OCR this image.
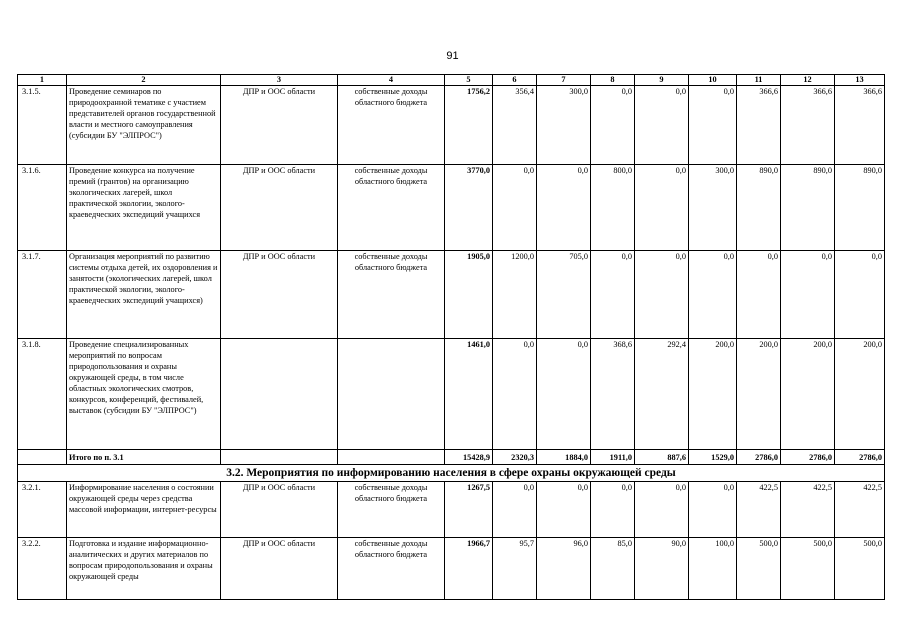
91
1	2	3	4	5	6	7	8	9	10	11	12	13
3.1.5.	Проведение семинаров по природоохранной тематике с участием представителей органов государственной власти и местного самоуправления (субсидии БУ "ЭЛПРОС")	ДПР и ООС области	собственные доходы областного бюджета	1756,2	356,4	300,0	0,0	0,0	0,0	366,6	366,6	366,6
3.1.6.	Проведение конкурса на получение премий (грантов) на организацию экологических лагерей, школ практической экологии, эколого-краеведческих экспедиций учащихся	ДПР и ООС области	собственные доходы областного бюджета	3770,0	0,0	0,0	800,0	0,0	300,0	890,0	890,0	890,0
3.1.7.	Организация мероприятий по развитию системы отдыха детей, их оздоровления и занятости (экологических лагерей, школ практической экологии, эколого-краеведческих экспедиций учащихся)	ДПР и ООС области	собственные доходы областного бюджета	1905,0	1200,0	705,0	0,0	0,0	0,0	0,0	0,0	0,0
3.1.8.	Проведение специализированных мероприятий по вопросам природопользования и охраны окружающей среды, в том числе областных экологических смотров, конкурсов, конференций, фестивалей, выставок (субсидии БУ "ЭЛПРОС")			1461,0	0,0	0,0	368,6	292,4	200,0	200,0	200,0	200,0
	Итого по п. 3.1			15428,9	2320,3	1884,0	1911,0	887,6	1529,0	2786,0	2786,0	2786,0
3.2. Мероприятия по информированию населения в сфере охраны окружающей среды												
3.2.1.	Информирование населения о состоянии окружающей среды через средства массовой информации, интернет-ресурсы	ДПР и ООС области	собственные доходы областного бюджета	1267,5	0,0	0,0	0,0	0,0	0,0	422,5	422,5	422,5
3.2.2.	Подготовка и издание информационно-аналитических и других материалов по вопросам природопользования и охраны окружающей среды	ДПР и ООС области	собственные доходы областного бюджета	1966,7	95,7	96,0	85,0	90,0	100,0	500,0	500,0	500,0
